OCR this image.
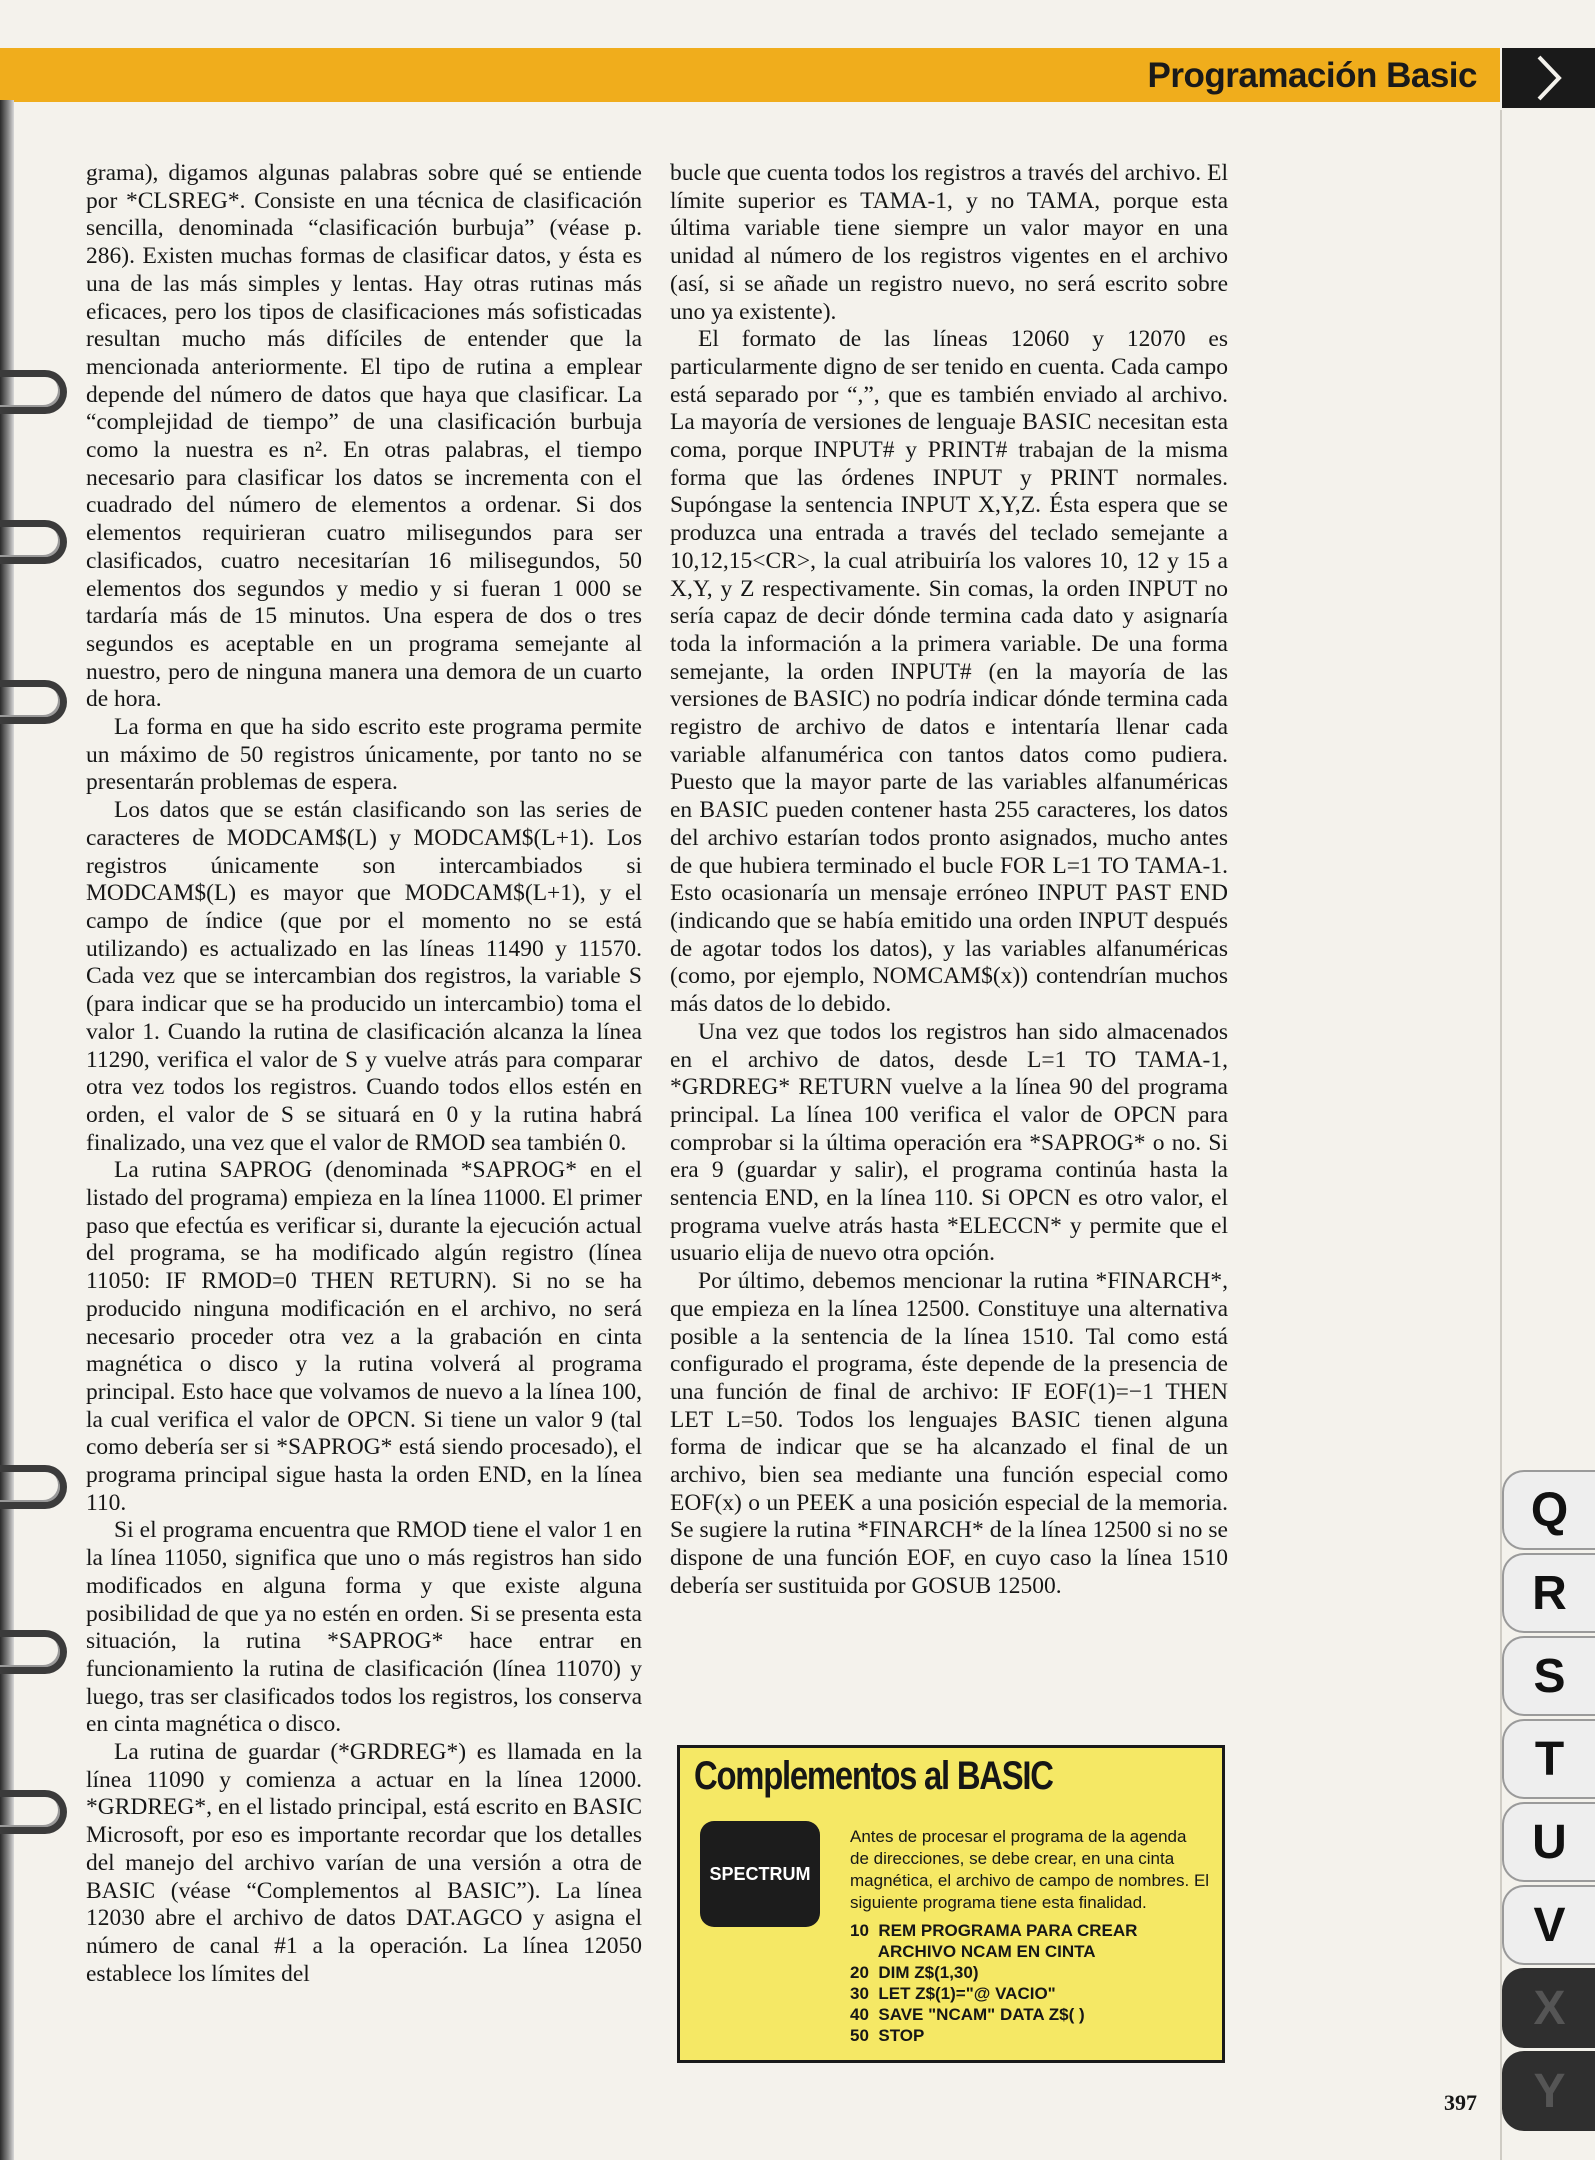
Programación Basic

grama), digamos algunas palabras sobre qué se entiende por *CLSREG*. Consiste en una técnica de clasificación sencilla, denominada “clasificación burbuja” (véase p. 286). Existen muchas formas de clasificar datos, y ésta es una de las más simples y lentas. Hay otras rutinas más eficaces, pero los tipos de clasificaciones más sofisticadas resultan mucho más difíciles de entender que la mencionada anteriormente. El tipo de rutina a emplear depende del número de datos que haya que clasificar. La “complejidad de tiempo” de una clasificación burbuja como la nuestra es n². En otras palabras, el tiempo necesario para clasificar los datos se incrementa con el cuadrado del número de elementos a ordenar. Si dos elementos requirieran cuatro milisegundos para ser clasificados, cuatro necesitarían 16 milisegundos, 50 elementos dos segundos y medio y si fueran 1 000 se tardaría más de 15 minutos. Una espera de dos o tres segundos es aceptable en un programa semejante al nuestro, pero de ninguna manera una demora de un cuarto de hora.

La forma en que ha sido escrito este programa permite un máximo de 50 registros únicamente, por tanto no se presentarán problemas de espera.

Los datos que se están clasificando son las series de caracteres de MODCAM$(L) y MODCAM$(L+1). Los registros únicamente son intercambiados si MODCAM$(L) es mayor que MODCAM$(L+1), y el campo de índice (que por el momento no se está utilizando) es actualizado en las líneas 11490 y 11570. Cada vez que se intercambian dos registros, la variable S (para indicar que se ha producido un intercambio) toma el valor 1. Cuando la rutina de clasificación alcanza la línea 11290, verifica el valor de S y vuelve atrás para comparar otra vez todos los registros. Cuando todos ellos estén en orden, el valor de S se situará en 0 y la rutina habrá finalizado, una vez que el valor de RMOD sea también 0.

La rutina SAPROG (denominada *SAPROG* en el listado del programa) empieza en la línea 11000. El primer paso que efectúa es verificar si, durante la ejecución actual del programa, se ha modificado algún registro (línea 11050: IF RMOD=0 THEN RETURN). Si no se ha producido ninguna modificación en el archivo, no será necesario proceder otra vez a la grabación en cinta magnética o disco y la rutina volverá al programa principal. Esto hace que volvamos de nuevo a la línea 100, la cual verifica el valor de OPCN. Si tiene un valor 9 (tal como debería ser si *SAPROG* está siendo procesado), el programa principal sigue hasta la orden END, en la línea 110.

Si el programa encuentra que RMOD tiene el valor 1 en la línea 11050, significa que uno o más registros han sido modificados en alguna forma y que existe alguna posibilidad de que ya no estén en orden. Si se presenta esta situación, la rutina *SAPROG* hace entrar en funcionamiento la rutina de clasificación (línea 11070) y luego, tras ser clasificados todos los registros, los conserva en cinta magnética o disco.

La rutina de guardar (*GRDREG*) es llamada en la línea 11090 y comienza a actuar en la línea 12000. *GRDREG*, en el listado principal, está escrito en BASIC Microsoft, por eso es importante recordar que los detalles del manejo del archivo varían de una versión a otra de BASIC (véase “Complementos al BASIC”). La línea 12030 abre el archivo de datos DAT.AGCO y asigna el número de canal #1 a la operación. La línea 12050 establece los límites del

bucle que cuenta todos los registros a través del archivo. El límite superior es TAMA-1, y no TAMA, porque esta última variable tiene siempre un valor mayor en una unidad al número de los registros vigentes en el archivo (así, si se añade un registro nuevo, no será escrito sobre uno ya existente).

El formato de las líneas 12060 y 12070 es particularmente digno de ser tenido en cuenta. Cada campo está separado por “,”, que es también enviado al archivo. La mayoría de versiones de lenguaje BASIC necesitan esta coma, porque INPUT# y PRINT# trabajan de la misma forma que las órdenes INPUT y PRINT normales. Supóngase la sentencia INPUT X,Y,Z. Ésta espera que se produzca una entrada a través del teclado semejante a 10,12,15<CR>, la cual atribuiría los valores 10, 12 y 15 a X,Y, y Z respectivamente. Sin comas, la orden INPUT no sería capaz de decir dónde termina cada dato y asignaría toda la información a la primera variable. De una forma semejante, la orden INPUT# (en la mayoría de las versiones de BASIC) no podría indicar dónde termina cada registro de archivo de datos e intentaría llenar cada variable alfanumérica con tantos datos como pudiera. Puesto que la mayor parte de las variables alfanuméricas en BASIC pueden contener hasta 255 caracteres, los datos del archivo estarían todos pronto asignados, mucho antes de que hubiera terminado el bucle FOR L=1 TO TAMA-1. Esto ocasionaría un mensaje erróneo INPUT PAST END (indicando que se había emitido una orden INPUT después de agotar todos los datos), y las variables alfanuméricas (como, por ejemplo, NOMCAM$(x)) contendrían muchos más datos de lo debido.

Una vez que todos los registros han sido almacenados en el archivo de datos, desde L=1 TO TAMA-1, *GRDREG* RETURN vuelve a la línea 90 del programa principal. La línea 100 verifica el valor de OPCN para comprobar si la última operación era *SAPROG* o no. Si era 9 (guardar y salir), el programa continúa hasta la sentencia END, en la línea 110. Si OPCN es otro valor, el programa vuelve atrás hasta *ELECCN* y permite que el usuario elija de nuevo otra opción.

Por último, debemos mencionar la rutina *FINARCH*, que empieza en la línea 12500. Constituye una alternativa posible a la sentencia de la línea 1510. Tal como está configurado el programa, éste depende de la presencia de una función de final de archivo: IF EOF(1)=−1 THEN LET L=50. Todos los lenguajes BASIC tienen alguna forma de indicar que se ha alcanzado el final de un archivo, bien sea mediante una función especial como EOF(x) o un PEEK a una posición especial de la memoria. Se sugiere la rutina *FINARCH* de la línea 12500 si no se dispone de una función EOF, en cuyo caso la línea 1510 debería ser sustituida por GOSUB 12500.

Complementos al BASIC
SPECTRUM
Antes de procesar el programa de la agenda de direcciones, se debe crear, en una cinta magnética, el archivo de campo de nombres. El siguiente programa tiene esta finalidad.
10  REM PROGRAMA PARA CREAR
ARCHIVO NCAM EN CINTA
20  DIM Z$(1,30)
30  LET Z$(1)="@ VACIO"
40  SAVE "NCAM" DATA Z$( )
50  STOP
Q
R
S
T
U
V
X
Y
397
